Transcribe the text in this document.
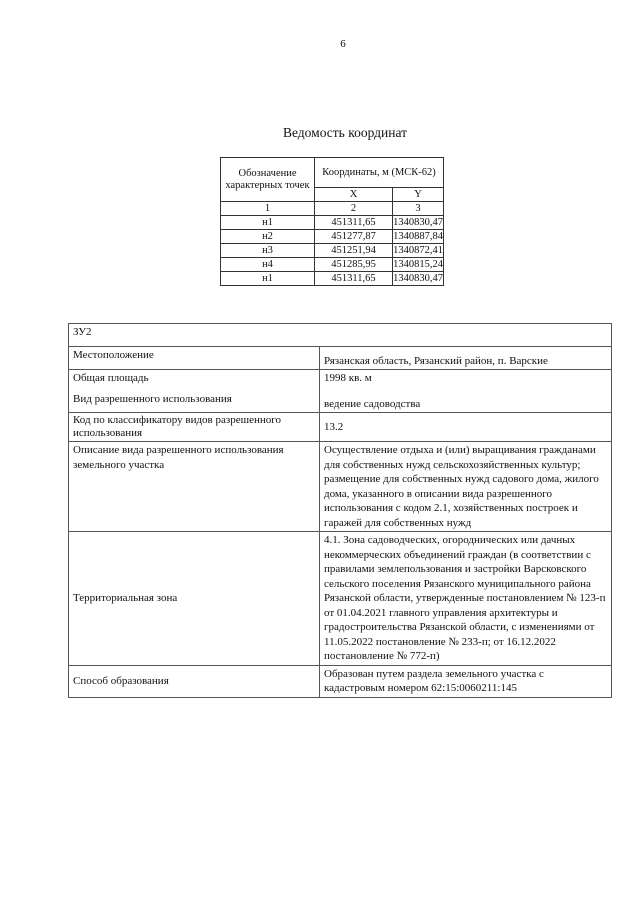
6
Ведомость координат
Обозначение характерных точек	Координаты, м (МСК-62)	
	X	Y
1	2	3
н1	451311,65	1340830,47
н2	451277,87	1340887,84
н3	451251,94	1340872,41
н4	451285,95	1340815,24
н1	451311,65	1340830,47
ЗУ2	
Местоположение	Рязанская область, Рязанский район, п. Варские
Общая площадь	1998 кв. м
Вид разрешенного использования	ведение садоводства
Код по классификатору видов разрешенного использования	13.2
Описание вида разрешенного использования земельного участка	Осуществление отдыха и (или) выращивания гражданами для собственных нужд сельскохозяйственных культур; размещение для собственных нужд садового дома, жилого дома, указанного в описании вида разрешенного использования с кодом 2.1, хозяйственных построек и гаражей для собственных нужд
Территориальная зона	4.1. Зона садоводческих, огороднических или дачных некоммерческих объединений граждан (в соответствии с правилами землепользования и застройки Варсковского сельского поселения Рязанского муниципального района Рязанской области, утвержденные постановлением № 123-п от 01.04.2021 главного управления архитектуры и градостроительства Рязанской области, с изменениями от 11.05.2022 постановление № 233-п; от 16.12.2022 постановление № 772-п)
Способ образования	Образован путем раздела земельного участка с кадастровым номером 62:15:0060211:145
